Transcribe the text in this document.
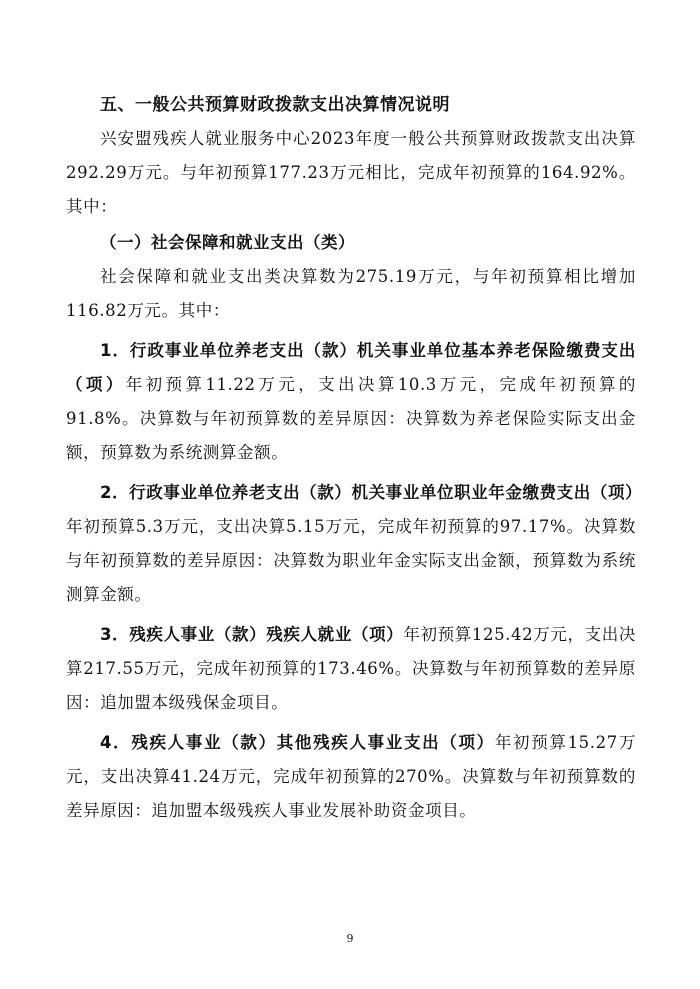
五、一般公共预算财政拨款支出决算情况说明

兴安盟残疾人就业服务中心2023年度一般公共预算财政拨款支出决算292.29万元。与年初预算177.23万元相比，完成年初预算的164.92%。其中：

（一）社会保障和就业支出（类）

社会保障和就业支出类决算数为275.19万元，与年初预算相比增加116.82万元。其中：

1．行政事业单位养老支出（款）机关事业单位基本养老保险缴费支出（项）年初预算11.22万元，支出决算10.3万元，完成年初预算的91.8%。决算数与年初预算数的差异原因：决算数为养老保险实际支出金额，预算数为系统测算金额。

2．行政事业单位养老支出（款）机关事业单位职业年金缴费支出（项）年初预算5.3万元，支出决算5.15万元，完成年初预算的97.17%。决算数与年初预算数的差异原因：决算数为职业年金实际支出金额，预算数为系统测算金额。

3．残疾人事业（款）残疾人就业（项）年初预算125.42万元，支出决算217.55万元，完成年初预算的173.46%。决算数与年初预算数的差异原因：追加盟本级残保金项目。

4．残疾人事业（款）其他残疾人事业支出（项）年初预算15.27万元，支出决算41.24万元，完成年初预算的270%。决算数与年初预算数的差异原因：追加盟本级残疾人事业发展补助资金项目。

9
